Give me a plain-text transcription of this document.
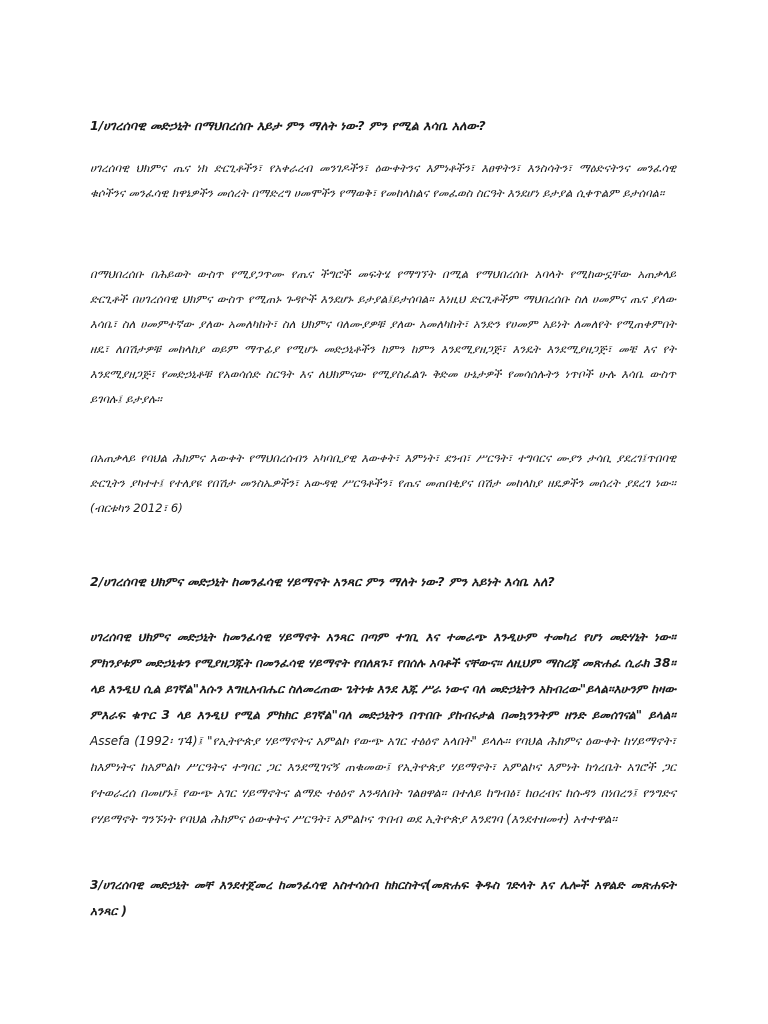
1/ሀገረሰባዊ መድኃኒት በማህበረሰቡ እይታ ምን ማለት ነው? ምን የሚል እሳቤ አለው?

ሀገረሰባዊ ህክምና ጤና ነክ ድርጊቶችን፣ የአቀራረብ መንገዶችን፣ ዕውቀትንና እምነቶችን፣ እፀዋትን፣ እንስሳትን፣ ማዕድናትንና መንፈሳዊ ቁሶችንና መንፈሳዊ ክዋኔዎችን መሰረት በማድረግ ሀመሞችን የማወቅ፣ የመከላከልና የመፈወስ ስርዓት እንደሆነ ይታያል ሲቀጥልም ይታሰባል፡፡

በማህበረሰቡ በሕይወት ውስጥ የሚያጋጥሙ የጤና ችግሮች መፍትሄ የማግኘት በሚል የማህበረሰቡ አባላት የሚከውኗቸው አጠቃላይ ድርጊቶች በሀገረሰባዊ ህክምና ውስጥ የሚጠኑ ጉዳዮች እንደሆኑ ይታያል፤ይታሰባል፡፡ እነዚህ ድርጊቶችም ማህበረሰቡ ስለ ሀመምና ጤና ያለው እሳቤ፣ ስለ ሀመምተኛው ያለው አመለካከት፣ ስለ ህክምና ባለሙያዎቹ ያለው አመለካከት፣ አንድን የሀመም አይነት ለመለየት የሚጠቀምበት ዘዴ፣ ለበሽታዎቹ መከላከያ ወይም ማጥፊያ የሚሆኑ መድኃኒቶችን ከምን ከምን እንደሚያዘጋጅ፣ እንዴት እንደሚያዘጋጅ፣ መቼ እና የት እንደሚያዘጋጅ፣ የመድኃኒቶቹ የአወሳሰድ ስርዓት እና ለህክምናው የሚያስፈልጉ ቅድመ ሁኔታዎች የመሳሰሉትን ነጥቦች ሁሉ እሳቤ ውስጥ ይገባሉ፤ ይታያሉ፡፡

በአጠቃላይ የባህል ሕክምና እውቀት የማህበረሰብን አካባቢያዊ እውቀት፣ እምነት፣ ደንብ፣ ሥርዓት፣ ተግባርና ሙያን ታሳቢ ያደረገ፤ጥበባዊ ድርጊትን ያካተተ፤ የተለያዩ የበሽታ መንስኤዎችን፣ አውዳዊ ሥርዓቶችን፣ የጤና መጠበቂያና በሽታ መከላከያ ዘዴዎችን መሰረት ያደረገ ነው፡፡ (ብርቱካን 2012፣ 6)

2/ሀገረሰባዊ ህክምና መድኃኒት ከመንፈሳዊ ሃይማኖት አንጻር ምን ማለት ነው? ምን አይነት እሳቤ አለ?

ሀገረሰባዊ ህክምና መድኃኒት ከመንፈሳዊ ሃይማኖት አንጻር በጣም ተገቢ እና ተመራጭ እንዲሁም ተመካሪ የሆነ መድሃኒት ነው፡፡ ምክንያቱም መድኃኒቱን የሚያዘጋጁት በመንፈሳዊ ሃይማኖት የበለጸጉ፣ የበሰሉ አባቶች ናቸውና፡፡ ለዚህም ማስረጃ መጽሐፈ ሲራክ 38፡፡ ላይ እንዲህ ሲል ይገኛል"እሱን እግዚአብሔር ስለመረጠው ጌትነቱ እንደ እጁ ሥራ ነውና ባለ መድኃኒትን አክብረው"ይላል፡፡እሁንም ከዛው ምእራፍ ቁጥር 3 ላይ እንዲህ የሚል ምክክር ይገኛል"ባለ መድኃኒትን በጥበቡ ያከብሩታል በመኳንንትም ዘንድ ይመሰገናል" ይላል፡፡ Assefa (1992፡ ፕ4)፤ "የኢትዮጵያ ሃይማኖትና አምልኮ የውጭ አገር ተፅዕኖ አላበት" ይላሉ፡፡ የባህል ሕክምና ዕውቀት ከሃይማኖት፣ ከእምነትና ከአምልኮ ሥርዓትና ተግባር ጋር እንደሚገናኝ ጠቁመው፤ የኢትዮጵያ ሃይማኖት፣ አምልኮና እምነት ከጎረቤት አገሮች ጋር የተወራረሰ በመሆኑ፤ የውጭ አገር ሃይማኖትና ልማድ ተፅዕኖ እንዳለበት ገልፀዋል፡፡ በተለይ ከግብፅ፣ ከዐረብና ከሱዳን በነበረን፤ የንግድና የሃይማኖት ግንኙነት የባህል ሕክምና ዕውቀትና ሥርዓት፣ አምልኮና ጥበብ ወደ ኢትዮጵያ እንደገባ (እንደተዘመተ) አተተዋል፡፡

3/ሀገረሰባዊ መድኃኒት መቸ እንደተጀመረ ከመንፈሳዊ አስተሳሰብ ከክርስትና(መጽሐፍ ቅዱስ ገድላት እና ሌሎች አዋልድ መጽሐፍት አንጻር )
